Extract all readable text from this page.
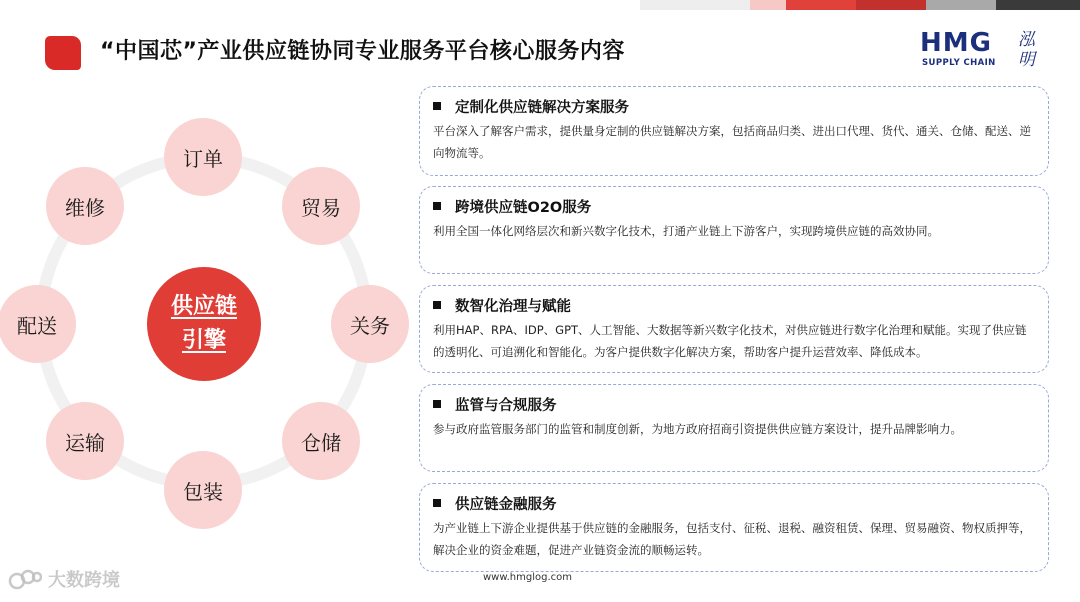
“中国芯”产业供应链协同专业服务平台核心服务内容	HMG
SUPPLY CHAIN
泓明
订单
贸易
关务
仓储
包装
运输
配送
维修
供应链
引擎
定制化供应链解决方案服务
平台深入了解客户需求，提供量身定制的供应链解决方案，包括商品归类、进出口代理、货代、通关、仓储、配送、逆向物流等。
跨境供应链O2O服务
利用全国一体化网络层次和新兴数字化技术，打通产业链上下游客户，实现跨境供应链的高效协同。
数智化治理与赋能
利用HAP、RPA、IDP、GPT、人工智能、大数据等新兴数字化技术，对供应链进行数字化治理和赋能。实现了供应链的透明化、可追溯化和智能化。为客户提供数字化解决方案，帮助客户提升运营效率、降低成本。
监管与合规服务
参与政府监管服务部门的监管和制度创新，为地方政府招商引资提供供应链方案设计，提升品牌影响力。
供应链金融服务
为产业链上下游企业提供基于供应链的金融服务，包括支付、征税、退税、融资租赁、保理、贸易融资、物权质押等，解决企业的资金难题，促进产业链资金流的顺畅运转。
www.hmglog.com
大数跨境
